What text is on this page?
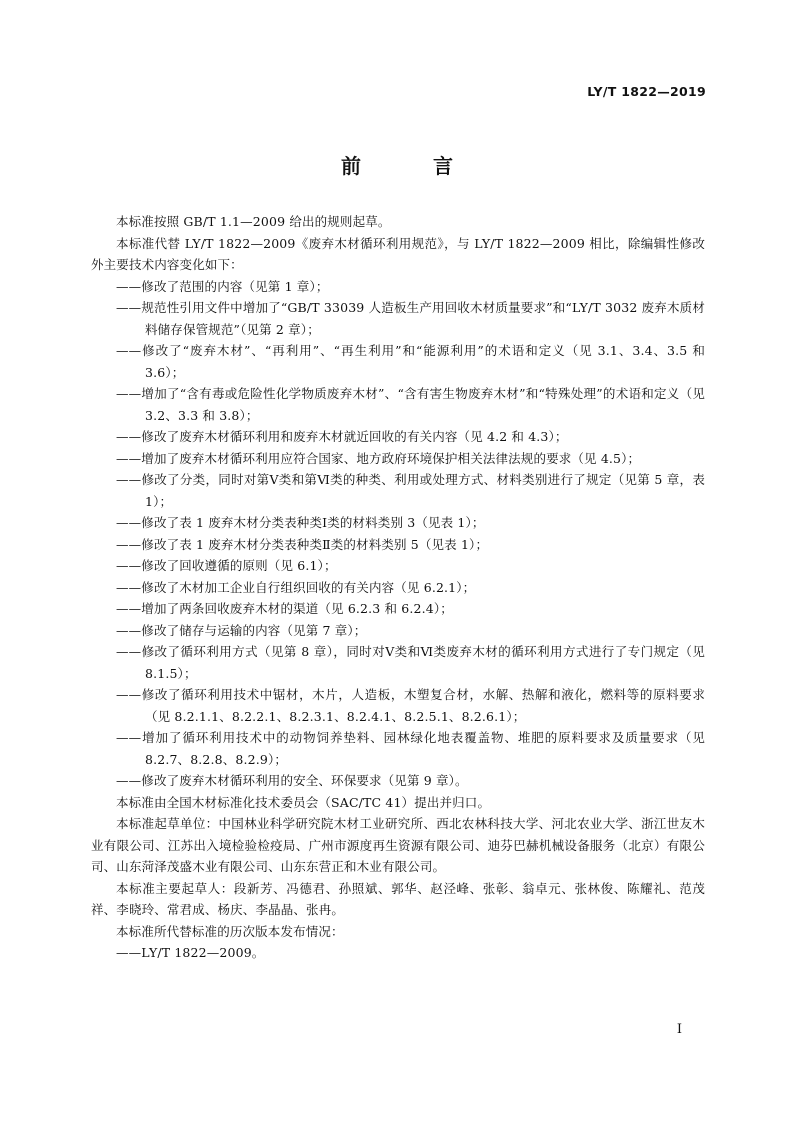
LY/T 1822—2019
前　言

本标准按照 GB/T 1.1—2009 给出的规则起草。

本标准代替 LY/T 1822—2009《废弃木材循环利用规范》，与 LY/T 1822—2009 相比，除编辑性修改外主要技术内容变化如下：

——修改了范围的内容（见第 1 章）；

——规范性引用文件中增加了“GB/T 33039 人造板生产用回收木材质量要求”和“LY/T 3032 废弃木质材料储存保管规范”（见第 2 章）；

——修改了“废弃木材”、“再利用”、“再生利用”和“能源利用”的术语和定义（见 3.1、3.4、3.5 和 3.6）；

——增加了“含有毒或危险性化学物质废弃木材”、“含有害生物废弃木材”和“特殊处理”的术语和定义（见 3.2、3.3 和 3.8）；

——修改了废弃木材循环利用和废弃木材就近回收的有关内容（见 4.2 和 4.3）；

——增加了废弃木材循环利用应符合国家、地方政府环境保护相关法律法规的要求（见 4.5）；

——修改了分类，同时对第Ⅴ类和第Ⅵ类的种类、利用或处理方式、材料类别进行了规定（见第 5 章，表 1）；

——修改了表 1 废弃木材分类表种类Ⅰ类的材料类别 3（见表 1）；

——修改了表 1 废弃木材分类表种类Ⅱ类的材料类别 5（见表 1）；

——修改了回收遵循的原则（见 6.1）；

——修改了木材加工企业自行组织回收的有关内容（见 6.2.1）；

——增加了两条回收废弃木材的渠道（见 6.2.3 和 6.2.4）；

——修改了储存与运输的内容（见第 7 章）；

——修改了循环利用方式（见第 8 章），同时对Ⅴ类和Ⅵ类废弃木材的循环利用方式进行了专门规定（见 8.1.5）；

——修改了循环利用技术中锯材，木片，人造板，木塑复合材，水解、热解和液化，燃料等的原料要求（见 8.2.1.1、8.2.2.1、8.2.3.1、8.2.4.1、8.2.5.1、8.2.6.1）；

——增加了循环利用技术中的动物饲养垫料、园林绿化地表覆盖物、堆肥的原料要求及质量要求（见 8.2.7、8.2.8、8.2.9）；

——修改了废弃木材循环利用的安全、环保要求（见第 9 章）。

本标准由全国木材标准化技术委员会（SAC/TC 41）提出并归口。

本标准起草单位：中国林业科学研究院木材工业研究所、西北农林科技大学、河北农业大学、浙江世友木业有限公司、江苏出入境检验检疫局、广州市源度再生资源有限公司、迪芬巴赫机械设备服务（北京）有限公司、山东菏泽茂盛木业有限公司、山东东营正和木业有限公司。

本标准主要起草人：段新芳、冯德君、孙照斌、郭华、赵泾峰、张彰、翁卓元、张林俊、陈耀礼、范茂祥、李晓玲、常君成、杨庆、李晶晶、张冉。

本标准所代替标准的历次版本发布情况：

——LY/T 1822—2009。

Ⅰ
